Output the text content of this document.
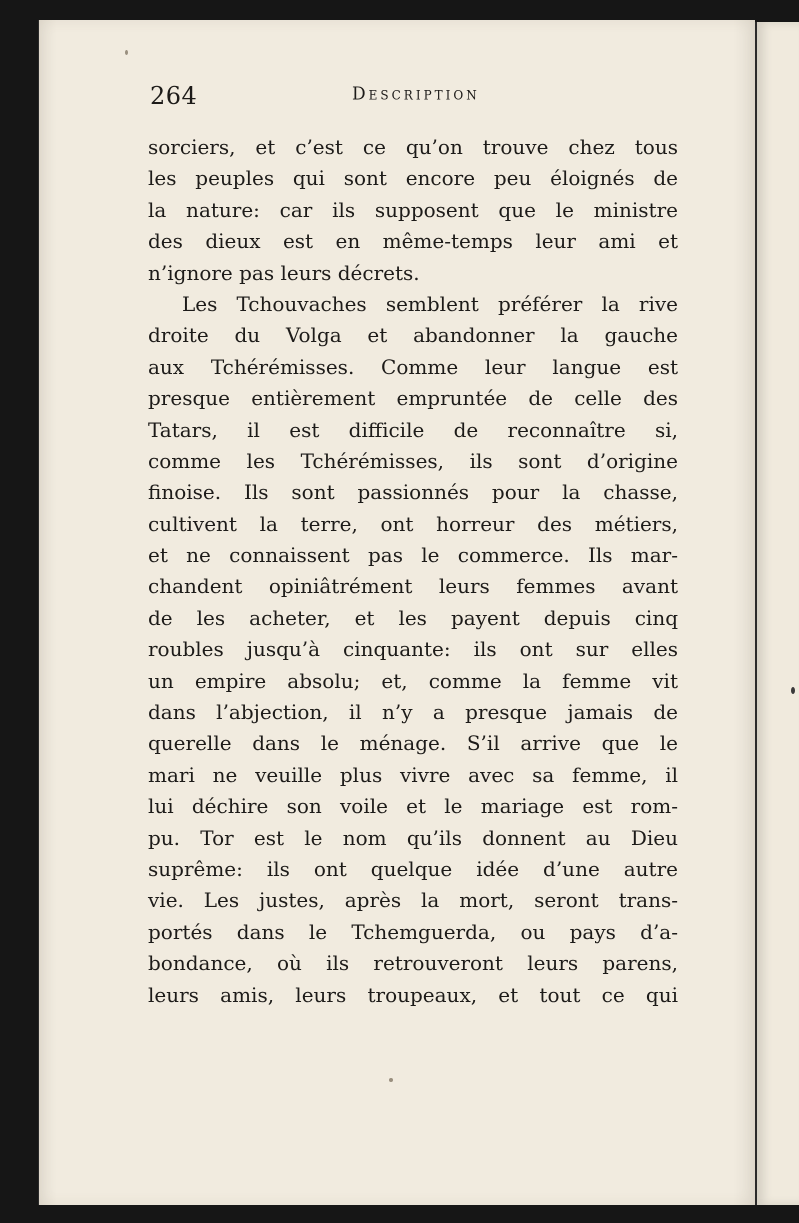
264	Description
sorciers, et c’est ce qu’on trouve chez tous
les peuples qui sont encore peu éloignés de
la nature: car ils supposent que le ministre
des dieux est en même-temps leur ami et
n’ignore pas leurs décrets.
Les Tchouvaches semblent préférer la rive
droite du Volga et abandonner la gauche
aux Tchérémisses. Comme leur langue est
presque entièrement empruntée de celle des
Tatars, il est difficile de reconnaître si,
comme les Tchérémisses, ils sont d’origine
finoise. Ils sont passionnés pour la chasse,
cultivent la terre, ont horreur des métiers,
et ne connaissent pas le commerce. Ils mar-
chandent opiniâtrément leurs femmes avant
de les acheter, et les payent depuis cinq
roubles jusqu’à cinquante: ils ont sur elles
un empire absolu; et, comme la femme vit
dans l’abjection, il n’y a presque jamais de
querelle dans le ménage. S’il arrive que le
mari ne veuille plus vivre avec sa femme, il
lui déchire son voile et le mariage est rom-
pu. Tor est le nom qu’ils donnent au Dieu
suprême: ils ont quelque idée d’une autre
vie. Les justes, après la mort, seront trans-
portés dans le Tchemguerda, ou pays d’a-
bondance, où ils retrouveront leurs parens,
leurs amis, leurs troupeaux, et tout ce qui
